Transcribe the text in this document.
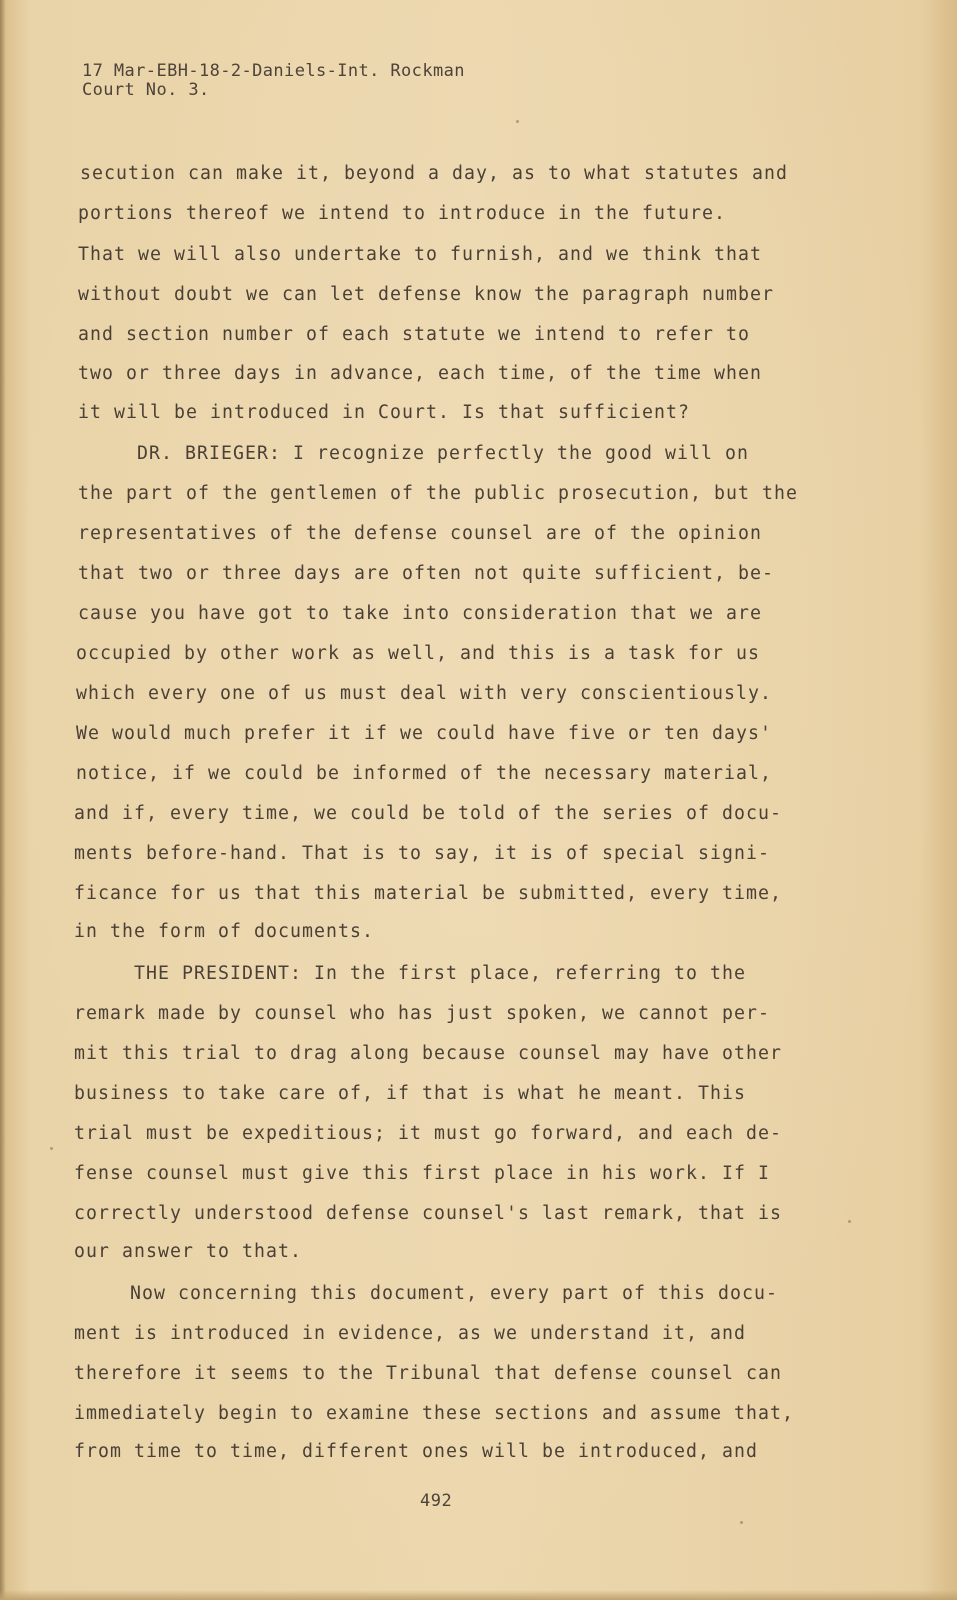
17 Mar-EBH-18-2-Daniels-Int. Rockman
Court No. 3.
secution can make it, beyond a day, as to what statutes and
portions thereof we intend to introduce in the future.
That we will also undertake to furnish, and we think that
without doubt we can let defense know the paragraph number
and section number of each statute we intend to refer to
two or three days in advance, each time, of the time when
it will be introduced in Court. Is that sufficient?
DR. BRIEGER: I recognize perfectly the good will on
the part of the gentlemen of the public prosecution, but the
representatives of the defense counsel are of the opinion
that two or three days are often not quite sufficient, be-
cause you have got to take into consideration that we are
occupied by other work as well, and this is a task for us
which every one of us must deal with very conscientiously.
We would much prefer it if we could have five or ten days'
notice, if we could be informed of the necessary material,
and if, every time, we could be told of the series of docu-
ments before-hand. That is to say, it is of special signi-
ficance for us that this material be submitted, every time,
in the form of documents.
THE PRESIDENT: In the first place, referring to the
remark made by counsel who has just spoken, we cannot per-
mit this trial to drag along because counsel may have other
business to take care of, if that is what he meant. This
trial must be expeditious; it must go forward, and each de-
fense counsel must give this first place in his work. If I
correctly understood defense counsel's last remark, that is
our answer to that.
Now concerning this document, every part of this docu-
ment is introduced in evidence, as we understand it, and
therefore it seems to the Tribunal that defense counsel can
immediately begin to examine these sections and assume that,
from time to time, different ones will be introduced, and
492
